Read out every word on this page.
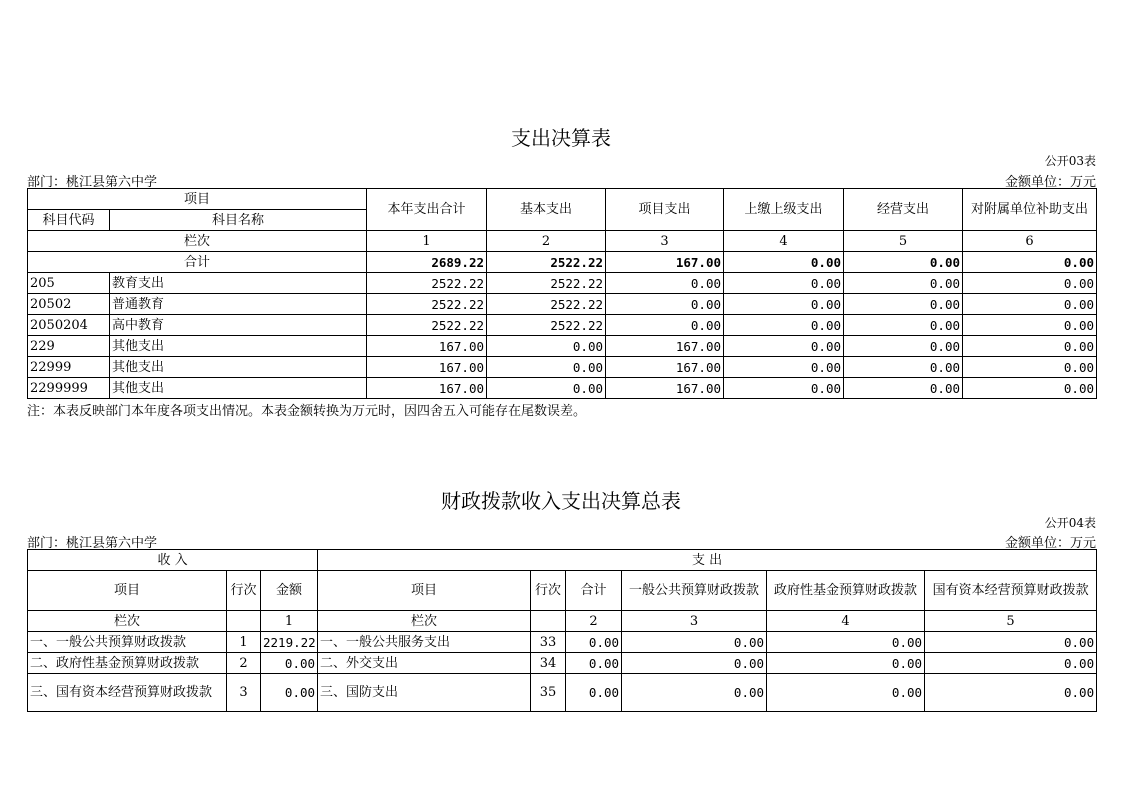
支出决算表
公开03表
部门：桃江县第六中学	金额单位：万元
项目		本年支出合计	基本支出	项目支出	上缴上级支出	经营支出	对附属单位补助支出
科目代码	科目名称						
栏次		1	2	3	4	5	6
合计		2689.22	2522.22	167.00	0.00	0.00	0.00
205	教育支出	2522.22	2522.22	0.00	0.00	0.00	0.00
20502	普通教育	2522.22	2522.22	0.00	0.00	0.00	0.00
2050204	高中教育	2522.22	2522.22	0.00	0.00	0.00	0.00
229	其他支出	167.00	0.00	167.00	0.00	0.00	0.00
22999	其他支出	167.00	0.00	167.00	0.00	0.00	0.00
2299999	其他支出	167.00	0.00	167.00	0.00	0.00	0.00
注：本表反映部门本年度各项支出情况。本表金额转换为万元时，因四舍五入可能存在尾数误差。
财政拨款收入支出决算总表
公开04表
部门：桃江县第六中学	金额单位：万元
收 入			支 出					
项目	行次	金额	项目	行次	合计	一般公共预算财政拨款	政府性基金预算财政拨款	国有资本经营预算财政拨款
栏次		1	栏次		2	3	4	5
一、一般公共预算财政拨款	1	2219.22	一、一般公共服务支出	33	0.00	0.00	0.00	0.00
二、政府性基金预算财政拨款	2	0.00	二、外交支出	34	0.00	0.00	0.00	0.00
三、国有资本经营预算财政拨款	3	0.00	三、国防支出	35	0.00	0.00	0.00	0.00
